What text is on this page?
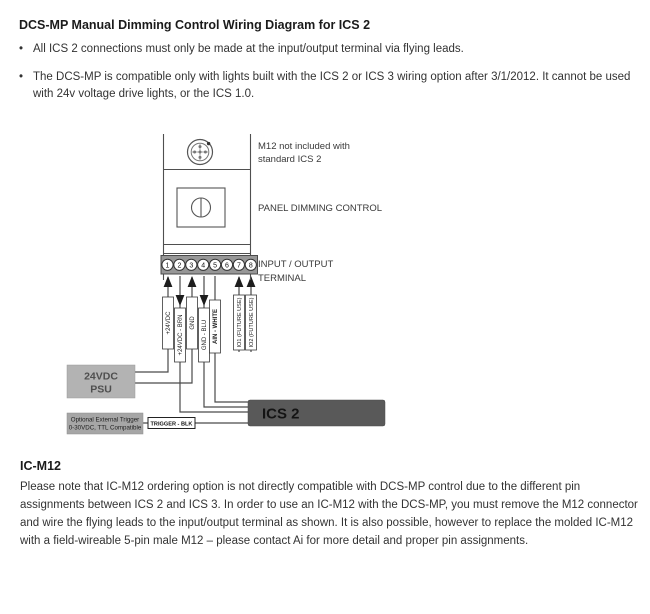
DCS-MP Manual Dimming Control Wiring Diagram for ICS 2
• All ICS 2 connections must only be made at the input/output terminal via flying leads.
• The DCS-MP is compatible only with lights built with the ICS 2 or ICS 3 wiring option after 3/1/2012. It cannot be used with 24v voltage drive lights, or the ICS 1.0.
1 2 3 4 5 6 7 8
M12 not included with
standard ICS 2
PANEL DIMMING CONTROL
INPUT / OUTPUT
TERMINAL
+24VDC +24VDC - BRN GND GND - BLU AIN - WHITE	IO1 (FUTURE USE) IO2 (FUTURE USE)
24VDC
PSU
Optional External Trigger
0-30VDC, TTL Compatible
TRIGGER - BLK
ICS 2
IC-M12
Please note that IC-M12 ordering option is not directly compatible with DCS-MP control due to the different pin assignments between ICS 2 and ICS 3. In order to use an IC-M12 with the DCS-MP, you must remove the M12 connector and wire the flying leads to the input/output terminal as shown. It is also possible, however to replace the molded IC-M12 with a field-wireable 5-pin male M12 – please contact Ai for more detail and proper pin assignments.
